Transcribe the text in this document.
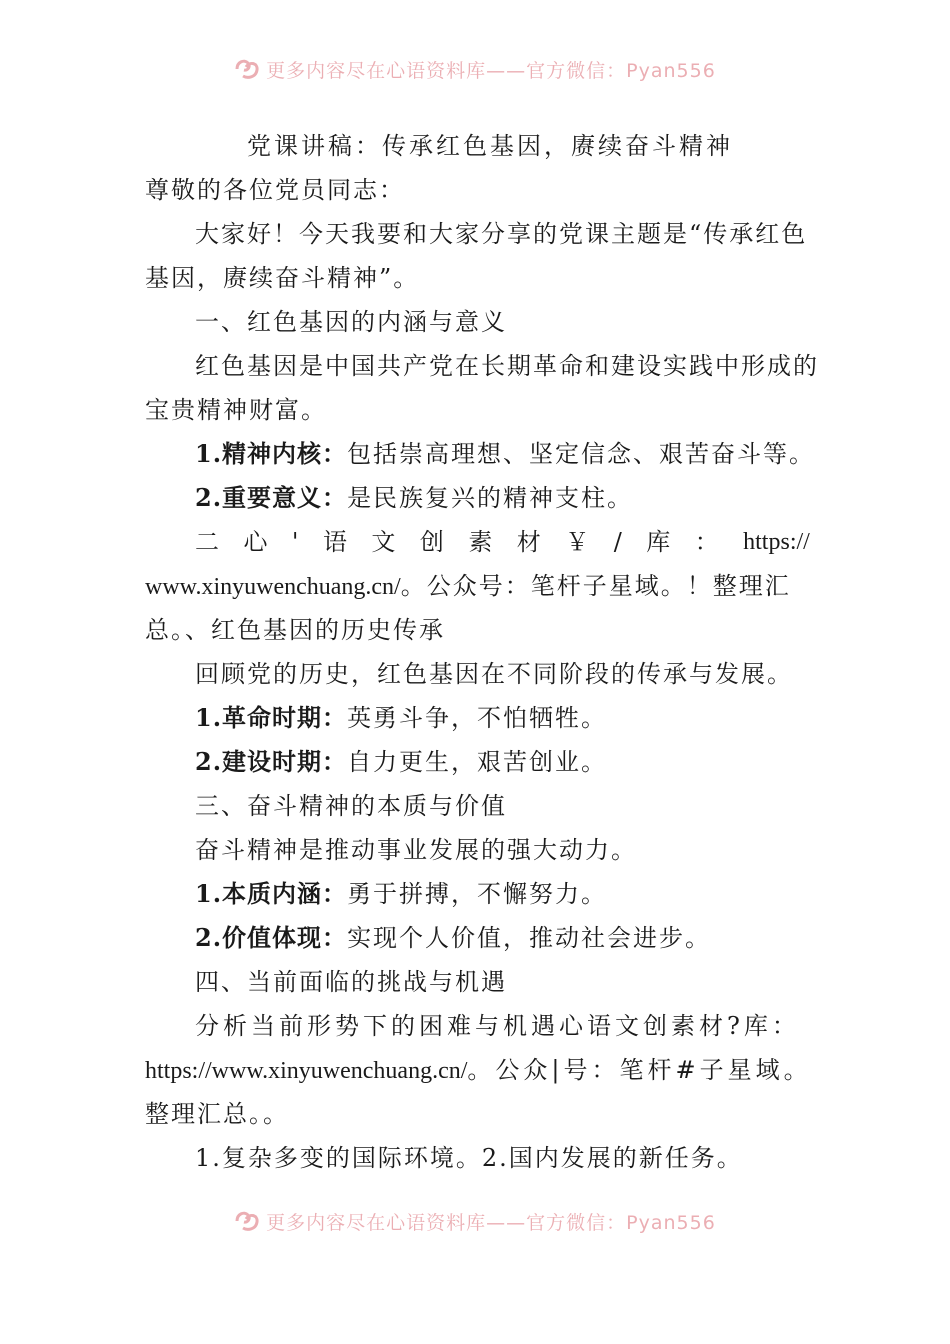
更多内容尽在心语资料库——官方微信：Pyan556
党课讲稿：传承红色基因，赓续奋斗精神
尊敬的各位党员同志：
大家好！今天我要和大家分享的党课主题是“传承红色
基因，赓续奋斗精神”。
一、红色基因的内涵与意义
红色基因是中国共产党在长期革命和建设实践中形成的
宝贵精神财富。
1.精神内核：包括崇高理想、坚定信念、艰苦奋斗等。
2.重要意义：是民族复兴的精神支柱。
二 心 ' 语 文 创 素 材 ￥ / 库 ： https://
www.xinyuwenchuang.cn/。公众号：笔杆子星域。！整理汇
总。、红色基因的历史传承
回顾党的历史，红色基因在不同阶段的传承与发展。
1.革命时期：英勇斗争，不怕牺牲。
2.建设时期：自力更生，艰苦创业。
三、奋斗精神的本质与价值
奋斗精神是推动事业发展的强大动力。
1.本质内涵：勇于拼搏，不懈努力。
2.价值体现：实现个人价值，推动社会进步。
四、当前面临的挑战与机遇
分析当前形势下的困难与机遇心语文创素材?库：
https://www.xinyuwenchuang.cn/。公众|号：笔杆#子星域。
整理汇总。。
1.复杂多变的国际环境。2.国内发展的新任务。
更多内容尽在心语资料库——官方微信：Pyan556
